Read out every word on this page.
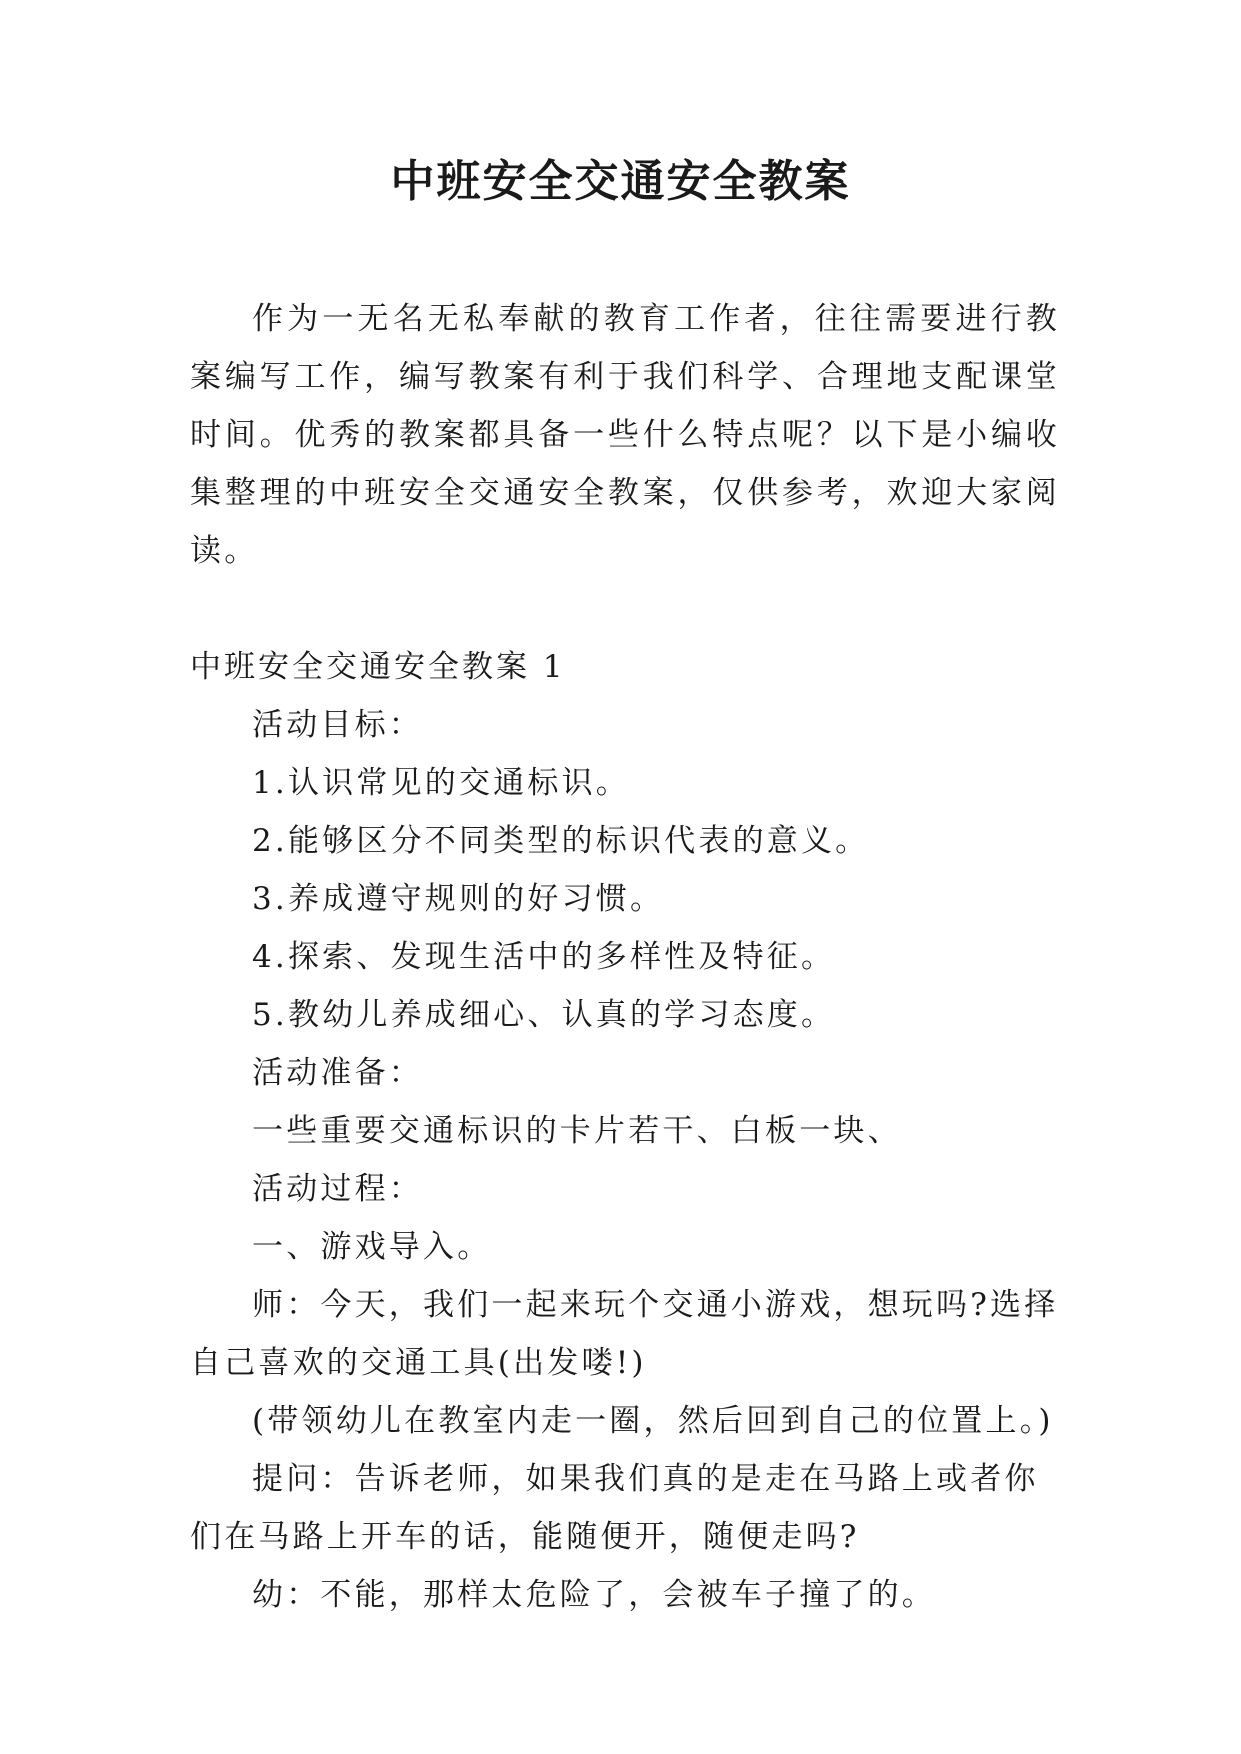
中班安全交通安全教案

作为一无名无私奉献的教育工作者，往往需要进行教案编写工作，编写教案有利于我们科学、合理地支配课堂时间。优秀的教案都具备一些什么特点呢？以下是小编收集整理的中班安全交通安全教案，仅供参考，欢迎大家阅读。

中班安全交通安全教案 1

活动目标：

1.认识常见的交通标识。

2.能够区分不同类型的标识代表的意义。

3.养成遵守规则的好习惯。

4.探索、发现生活中的多样性及特征。

5.教幼儿养成细心、认真的学习态度。

活动准备：

一些重要交通标识的卡片若干、白板一块、

活动过程：

一、游戏导入。

师：今天，我们一起来玩个交通小游戏，想玩吗?选择自己喜欢的交通工具(出发喽!)

(带领幼儿在教室内走一圈，然后回到自己的位置上。)

提问：告诉老师，如果我们真的是走在马路上或者你们在马路上开车的话，能随便开，随便走吗?

幼：不能，那样太危险了，会被车子撞了的。
